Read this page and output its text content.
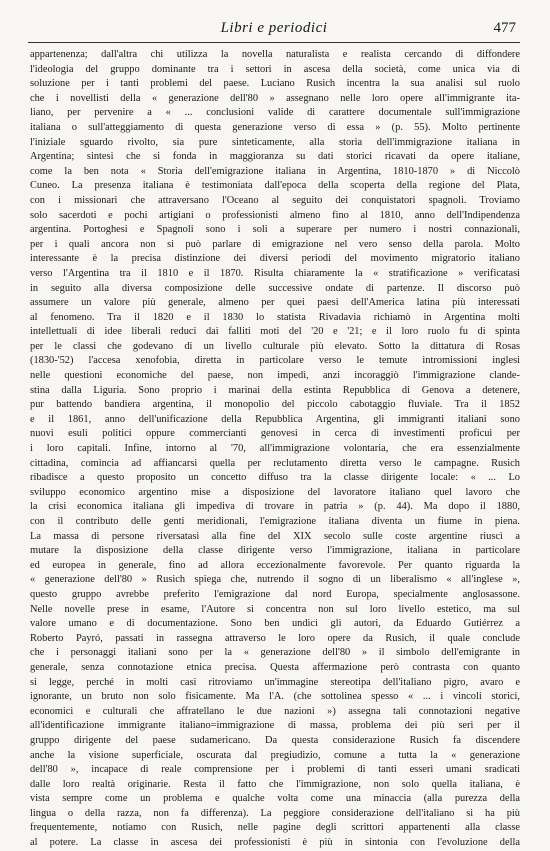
Libri e periodici	477
appartenenza; dall'altra chi utilizza la novella naturalista e realista cercando di diffondere
l'ideologia del gruppo dominante tra i settori in ascesa della società, come unica via di
soluzione per i tanti problemi del paese. Luciano Rusich incentra la sua analisi sul ruolo
che i novellisti della « generazione dell'80 » assegnano nelle loro opere all'immigrante ita-
liano, per pervenire a « ... conclusioni valide di carattere documentale sull'immigrazione
italiana o sull'atteggiamento di questa generazione verso di essa » (p. 55). Molto pertinente
l'iniziale sguardo rivolto, sia pure sinteticamente, alla storia dell'immigrazione italiana in
Argentina; sintesi che si fonda in maggioranza su dati storici ricavati da opere italiane,
come la ben nota « Storia dell'emigrazione italiana in Argentina, 1810-1870 » di Niccolò
Cuneo. La presenza italiana è testimoniata dall'epoca della scoperta della regione del Plata,
con i missionari che attraversano l'Oceano al seguito dei conquistatori spagnoli. Troviamo
solo sacerdoti e pochi artigiani o professionisti almeno fino al 1810, anno dell'Indipendenza
argentina. Portoghesi e Spagnoli sono i soli a superare per numero i nostri connazionali,
per i quali ancora non si può parlare di emigrazione nel vero senso della parola. Molto
interessante è la precisa distinzione dei diversi periodi del movimento migratorio italiano
verso l'Argentina tra il 1810 e il 1870. Risulta chiaramente la « stratificazione » verificatasi
in seguito alla diversa composizione delle successive ondate di partenze. Il discorso può
assumere un valore più generale, almeno per quei paesi dell'America latina più interessati
al fenomeno. Tra il 1820 e il 1830 lo statista Rivadavia richiamò in Argentina molti
intellettuali di idee liberali reduci dai falliti moti del '20 e '21; e il loro ruolo fu di spinta
per le classi che godevano di un livello culturale più elevato. Sotto la dittatura di Rosas
(1830-'52) l'accesa xenofobia, diretta in particolare verso le temute intromissioni inglesi
nelle questioni economiche del paese, non impedì, anzi incoraggiò l'immigrazione clande-
stina dalla Liguria. Sono proprio i marinai della estinta Repubblica di Genova a detenere,
pur battendo bandiera argentina, il monopolio del piccolo cabotaggio fluviale. Tra il 1852
e il 1861, anno dell'unificazione della Repubblica Argentina, gli immigranti italiani sono
nuovi esuli politici oppure commercianti genovesi in cerca di investimenti proficui per
i loro capitali. Infine, intorno al '70, all'immigrazione volontaria, che era essenzialmente
cittadina, comincia ad affiancarsi quella per reclutamento diretta verso le campagne. Rusich
ribadisce a questo proposito un concetto diffuso tra la classe dirigente locale: « ... Lo
sviluppo economico argentino mise a disposizione del lavoratore italiano quel lavoro che
la crisi economica italiana gli impediva di trovare in patria » (p. 44). Ma dopo il 1880,
con il contributo delle genti meridionali, l'emigrazione italiana diventa un fiume in piena.
La massa di persone riversatasi alla fine del XIX secolo sulle coste argentine riuscì a
mutare la disposizione della classe dirigente verso l'immigrazione, italiana in particolare
ed europea in generale, fino ad allora eccezionalmente favorevole. Per quanto riguarda la
« generazione dell'80 » Rusich spiega che, nutrendo il sogno di un liberalismo « all'inglese »,
questo gruppo avrebbe preferito l'emigrazione dal nord Europa, specialmente anglosassone.
Nelle novelle prese in esame, l'Autore si concentra non sul loro livello estetico, ma sul
valore umano e di documentazione. Sono ben undici gli autori, da Eduardo Gutiérrez a
Roberto Payró, passati in rassegna attraverso le loro opere da Rusich, il quale conclude
che i personaggi italiani sono per la « generazione dell'80 » il simbolo dell'emigrante in
generale, senza connotazione etnica precisa. Questa affermazione però contrasta con quanto
si legge, perché in molti casi ritroviamo un'immagine stereotipa dell'italiano pigro, avaro e
ignorante, un bruto non solo fisicamente. Ma l'A. (che sottolinea spesso « ... i vincoli storici,
economici e culturali che affratellano le due nazioni ») assegna tali connotazioni negative
all'identificazione immigrante italiano=immigrazione di massa, problema dei più seri per il
gruppo dirigente del paese sudamericano. Da questa considerazione Rusich fa discendere
anche la visione superficiale, oscurata dal pregiudizio, comune a tutta la « generazione
dell'80 », incapace di reale comprensione per i problemi di tanti esseri umani sradicati
dalle loro realtà originarie. Resta il fatto che l'immigrazione, non solo quella italiana, è
vista sempre come un problema e qualche volta come una minaccia (alla purezza della
lingua o della razza, non fa differenza). La peggiore considerazione dell'italiano si ha più
frequentemente, notiamo con Rusich, nelle pagine degli scrittori appartenenti alla classe
al potere. La classe in ascesa dei professionisti è più in sintonia con l'evoluzione della
